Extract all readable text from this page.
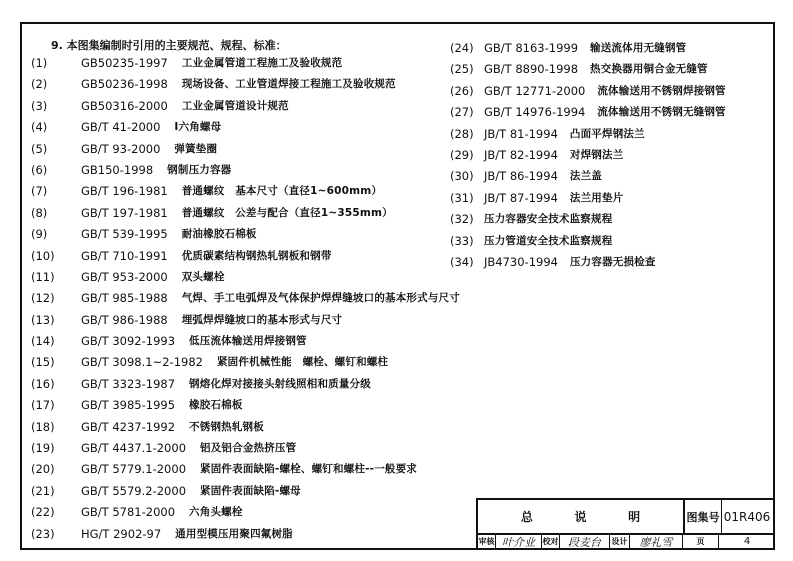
9. 本图集编制时引用的主要规范、规程、标准：
(1)	GB50235-1997 工业金属管道工程施工及验收规范
(2)	GB50236-1998 现场设备、工业管道焊接工程施工及验收规范
(3)	GB50316-2000 工业金属管道设计规范
(4)	GB/T 41-2000 I六角螺母
(5)	GB/T 93-2000 弹簧垫圈
(6)	GB150-1998 钢制压力容器
(7)	GB/T 196-1981 普通螺纹　基本尺寸（直径1~600mm）
(8)	GB/T 197-1981 普通螺纹　公差与配合（直径1~355mm）
(9)	GB/T 539-1995 耐油橡胶石棉板
(10)	GB/T 710-1991 优质碳素结构钢热轧钢板和钢带
(11)	GB/T 953-2000 双头螺栓
(12)	GB/T 985-1988 气焊、手工电弧焊及气体保护焊焊缝坡口的基本形式与尺寸
(13)	GB/T 986-1988 埋弧焊焊缝坡口的基本形式与尺寸
(14)	GB/T 3092-1993 低压流体输送用焊接钢管
(15)	GB/T 3098.1~2-1982 紧固件机械性能　螺栓、螺钉和螺柱
(16)	GB/T 3323-1987 钢熔化焊对接接头射线照相和质量分级
(17)	GB/T 3985-1995 橡胶石棉板
(18)	GB/T 4237-1992 不锈钢热轧钢板
(19)	GB/T 4437.1-2000 铝及铝合金热挤压管
(20)	GB/T 5779.1-2000 紧固件表面缺陷-螺栓、螺钉和螺柱--一般要求
(21)	GB/T 5579.2-2000 紧固件表面缺陷-螺母
(22)	GB/T 5781-2000 六角头螺栓
(23)	HG/T 2902-97 通用型模压用聚四氟树脂
(24) GB/T 8163-1999 输送流体用无缝钢管
(25) GB/T 8890-1998 热交换器用铜合金无缝管
(26) GB/T 12771-2000 流体输送用不锈钢焊接钢管
(27) GB/T 14976-1994 流体输送用不锈钢无缝钢管
(28) JB/T 81-1994 凸面平焊钢法兰
(29) JB/T 82-1994 对焊钢法兰
(30) JB/T 86-1994 法兰盖
(31) JB/T 87-1994 法兰用垫片
(32) 压力容器安全技术监察规程
(33) 压力管道安全技术监察规程
(34) JB4730-1994 压力容器无损检查
总	说	明	图集号 01R406
审核 叶介业 校对 段麦台	设计	廖礼雪	页	4
